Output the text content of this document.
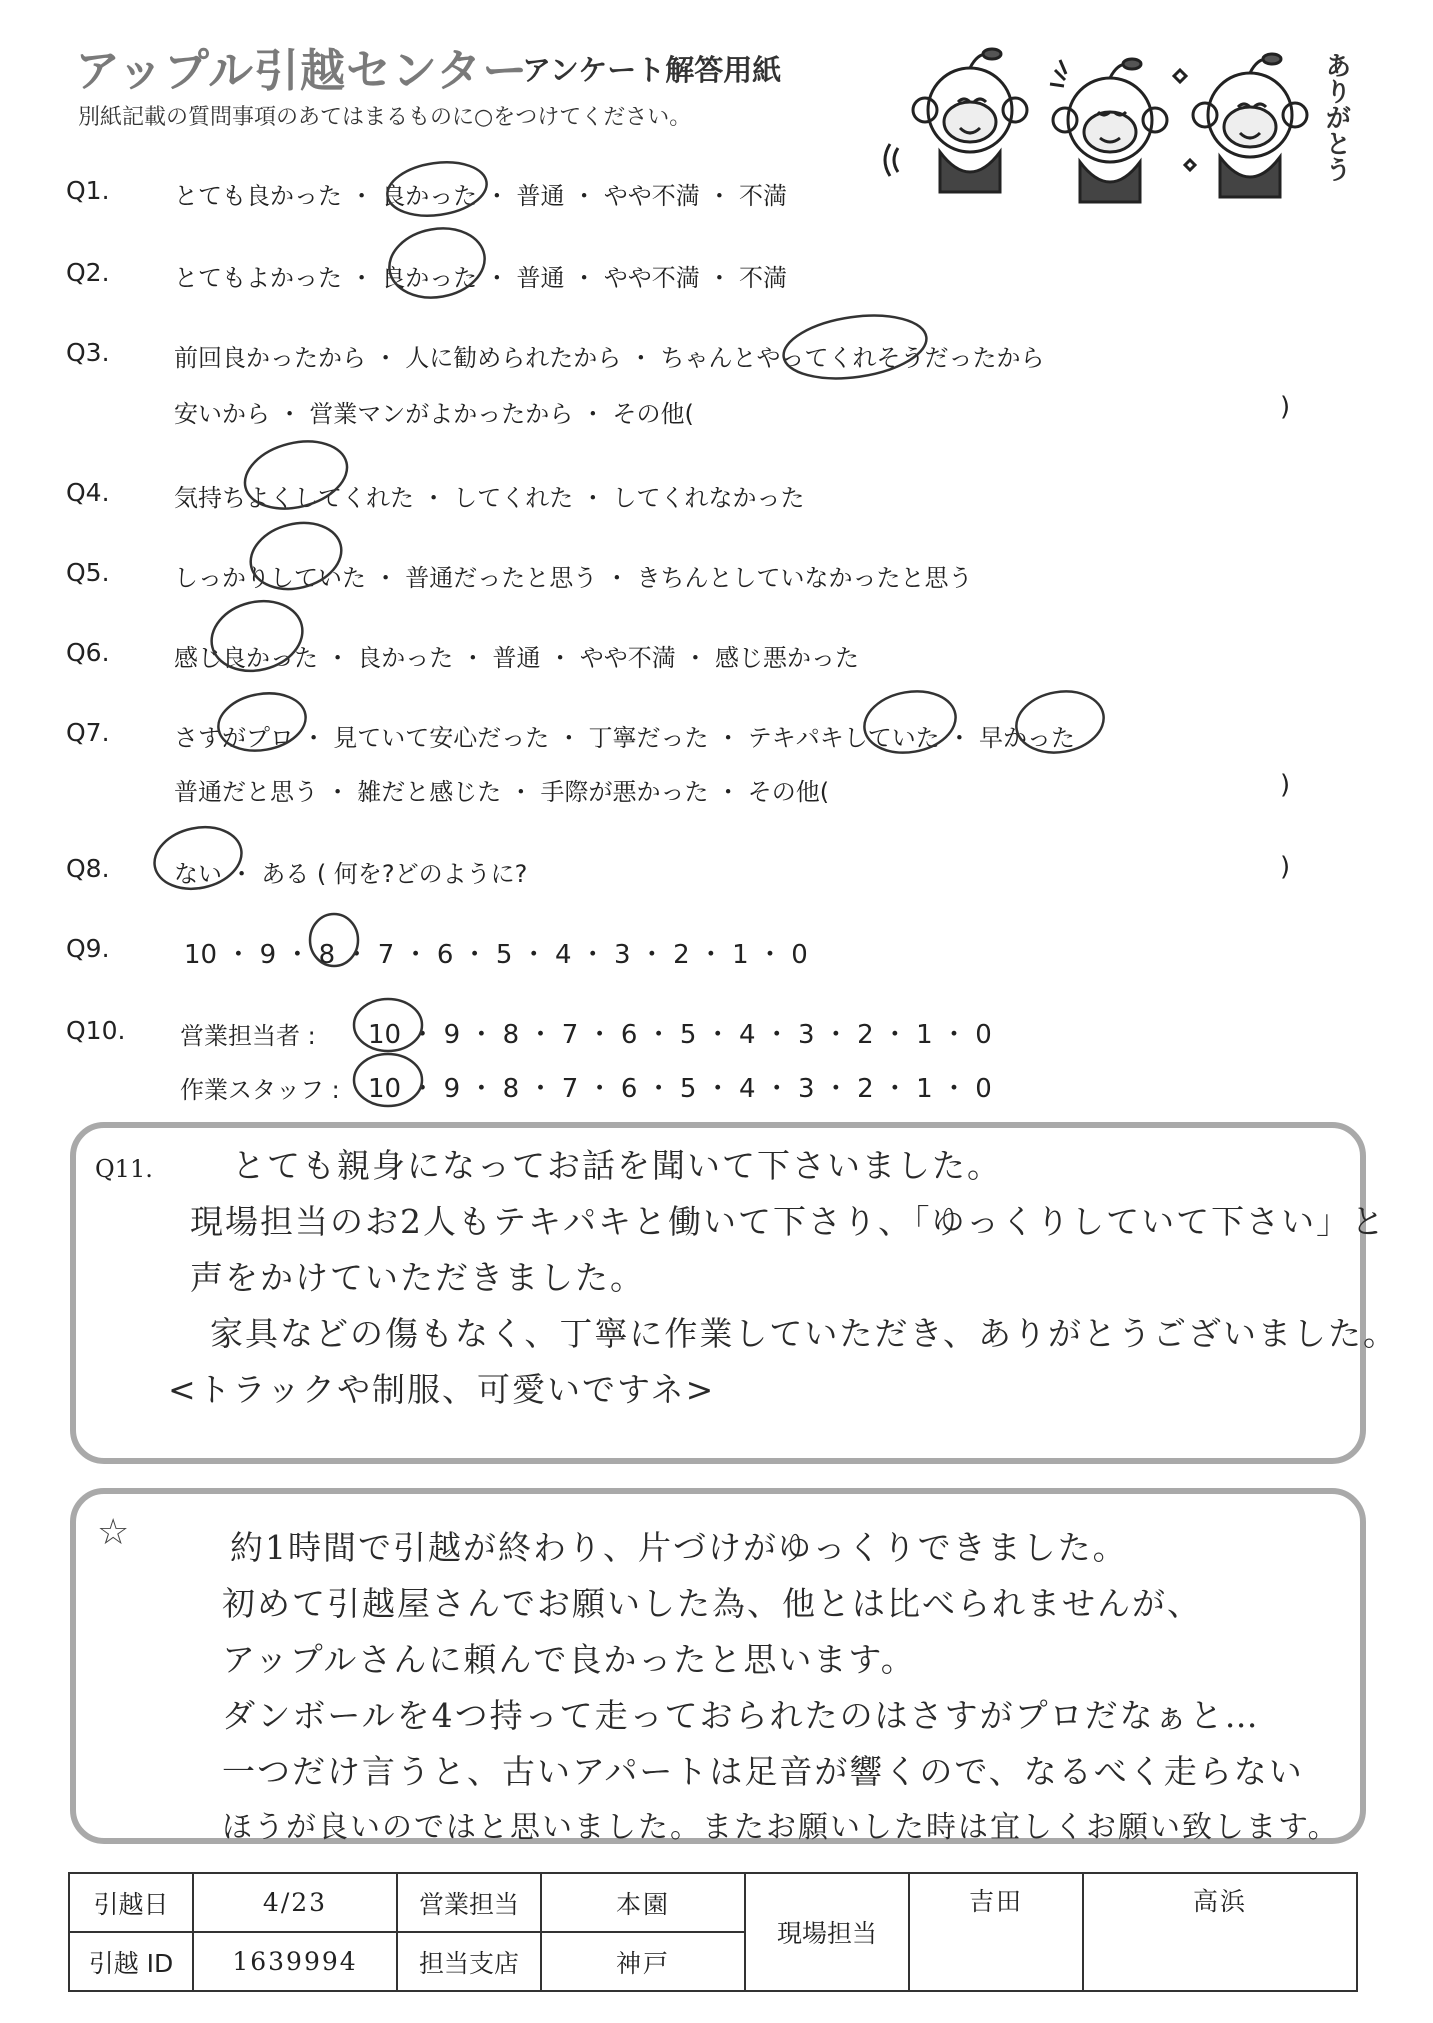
アップル引越センター
アンケート解答用紙
別紙記載の質問事項のあてはまるものに○をつけてください。	ありがとう
Q1.	とても良かった ・ 良かった ・ 普通 ・ やや不満 ・ 不満
Q2.	とてもよかった ・ 良かった ・ 普通 ・ やや不満 ・ 不満
Q3.	前回良かったから ・ 人に勧められたから ・ ちゃんとやってくれそうだったから
安いから ・ 営業マンがよかったから ・ その他(	)
Q4.	気持ちよくしてくれた ・ してくれた ・ してくれなかった
Q5.	しっかりしていた ・ 普通だったと思う ・ きちんとしていなかったと思う
Q6.	感じ良かった ・ 良かった ・ 普通 ・ やや不満 ・ 感じ悪かった
Q7.	さすがプロ ・ 見ていて安心だった ・ 丁寧だった ・ テキパキしていた ・ 早かった
普通だと思う ・ 雑だと感じた ・ 手際が悪かった ・ その他(	)
Q8.	ない ・ ある ( 何を?どのように?	)
Q9.	10 ・ 9 ・ 8 ・ 7 ・ 6 ・ 5 ・ 4 ・ 3 ・ 2 ・ 1 ・ 0
Q10. 営業担当者 : 10 ・ 9 ・ 8 ・ 7 ・ 6 ・ 5 ・ 4 ・ 3 ・ 2 ・ 1 ・ 0
作業スタッフ : 10 ・ 9 ・ 8 ・ 7 ・ 6 ・ 5 ・ 4 ・ 3 ・ 2 ・ 1 ・ 0
Q11. とても親身になってお話を聞いて下さいました。
現場担当のお2人もテキパキと働いて下さり、「ゆっくりしていて下さい」と
声をかけていただきました。
家具などの傷もなく、丁寧に作業していただき、ありがとうございました。
<トラックや制服、可愛いですネ>
☆	約1時間で引越が終わり、片づけがゆっくりできました。
初めて引越屋さんでお願いした為、他とは比べられませんが、
アップルさんに頼んで良かったと思います。
ダンボールを4つ持って走っておられたのはさすがプロだなぁと…
一つだけ言うと、古いアパートは足音が響くので、なるべく走らない
ほうが良いのではと思いました。またお願いした時は宜しくお願い致します。
引越日	4/23	営業担当	本園	現場担当	吉田	高浜
引越 ID	1639994	担当支店	神戸			
